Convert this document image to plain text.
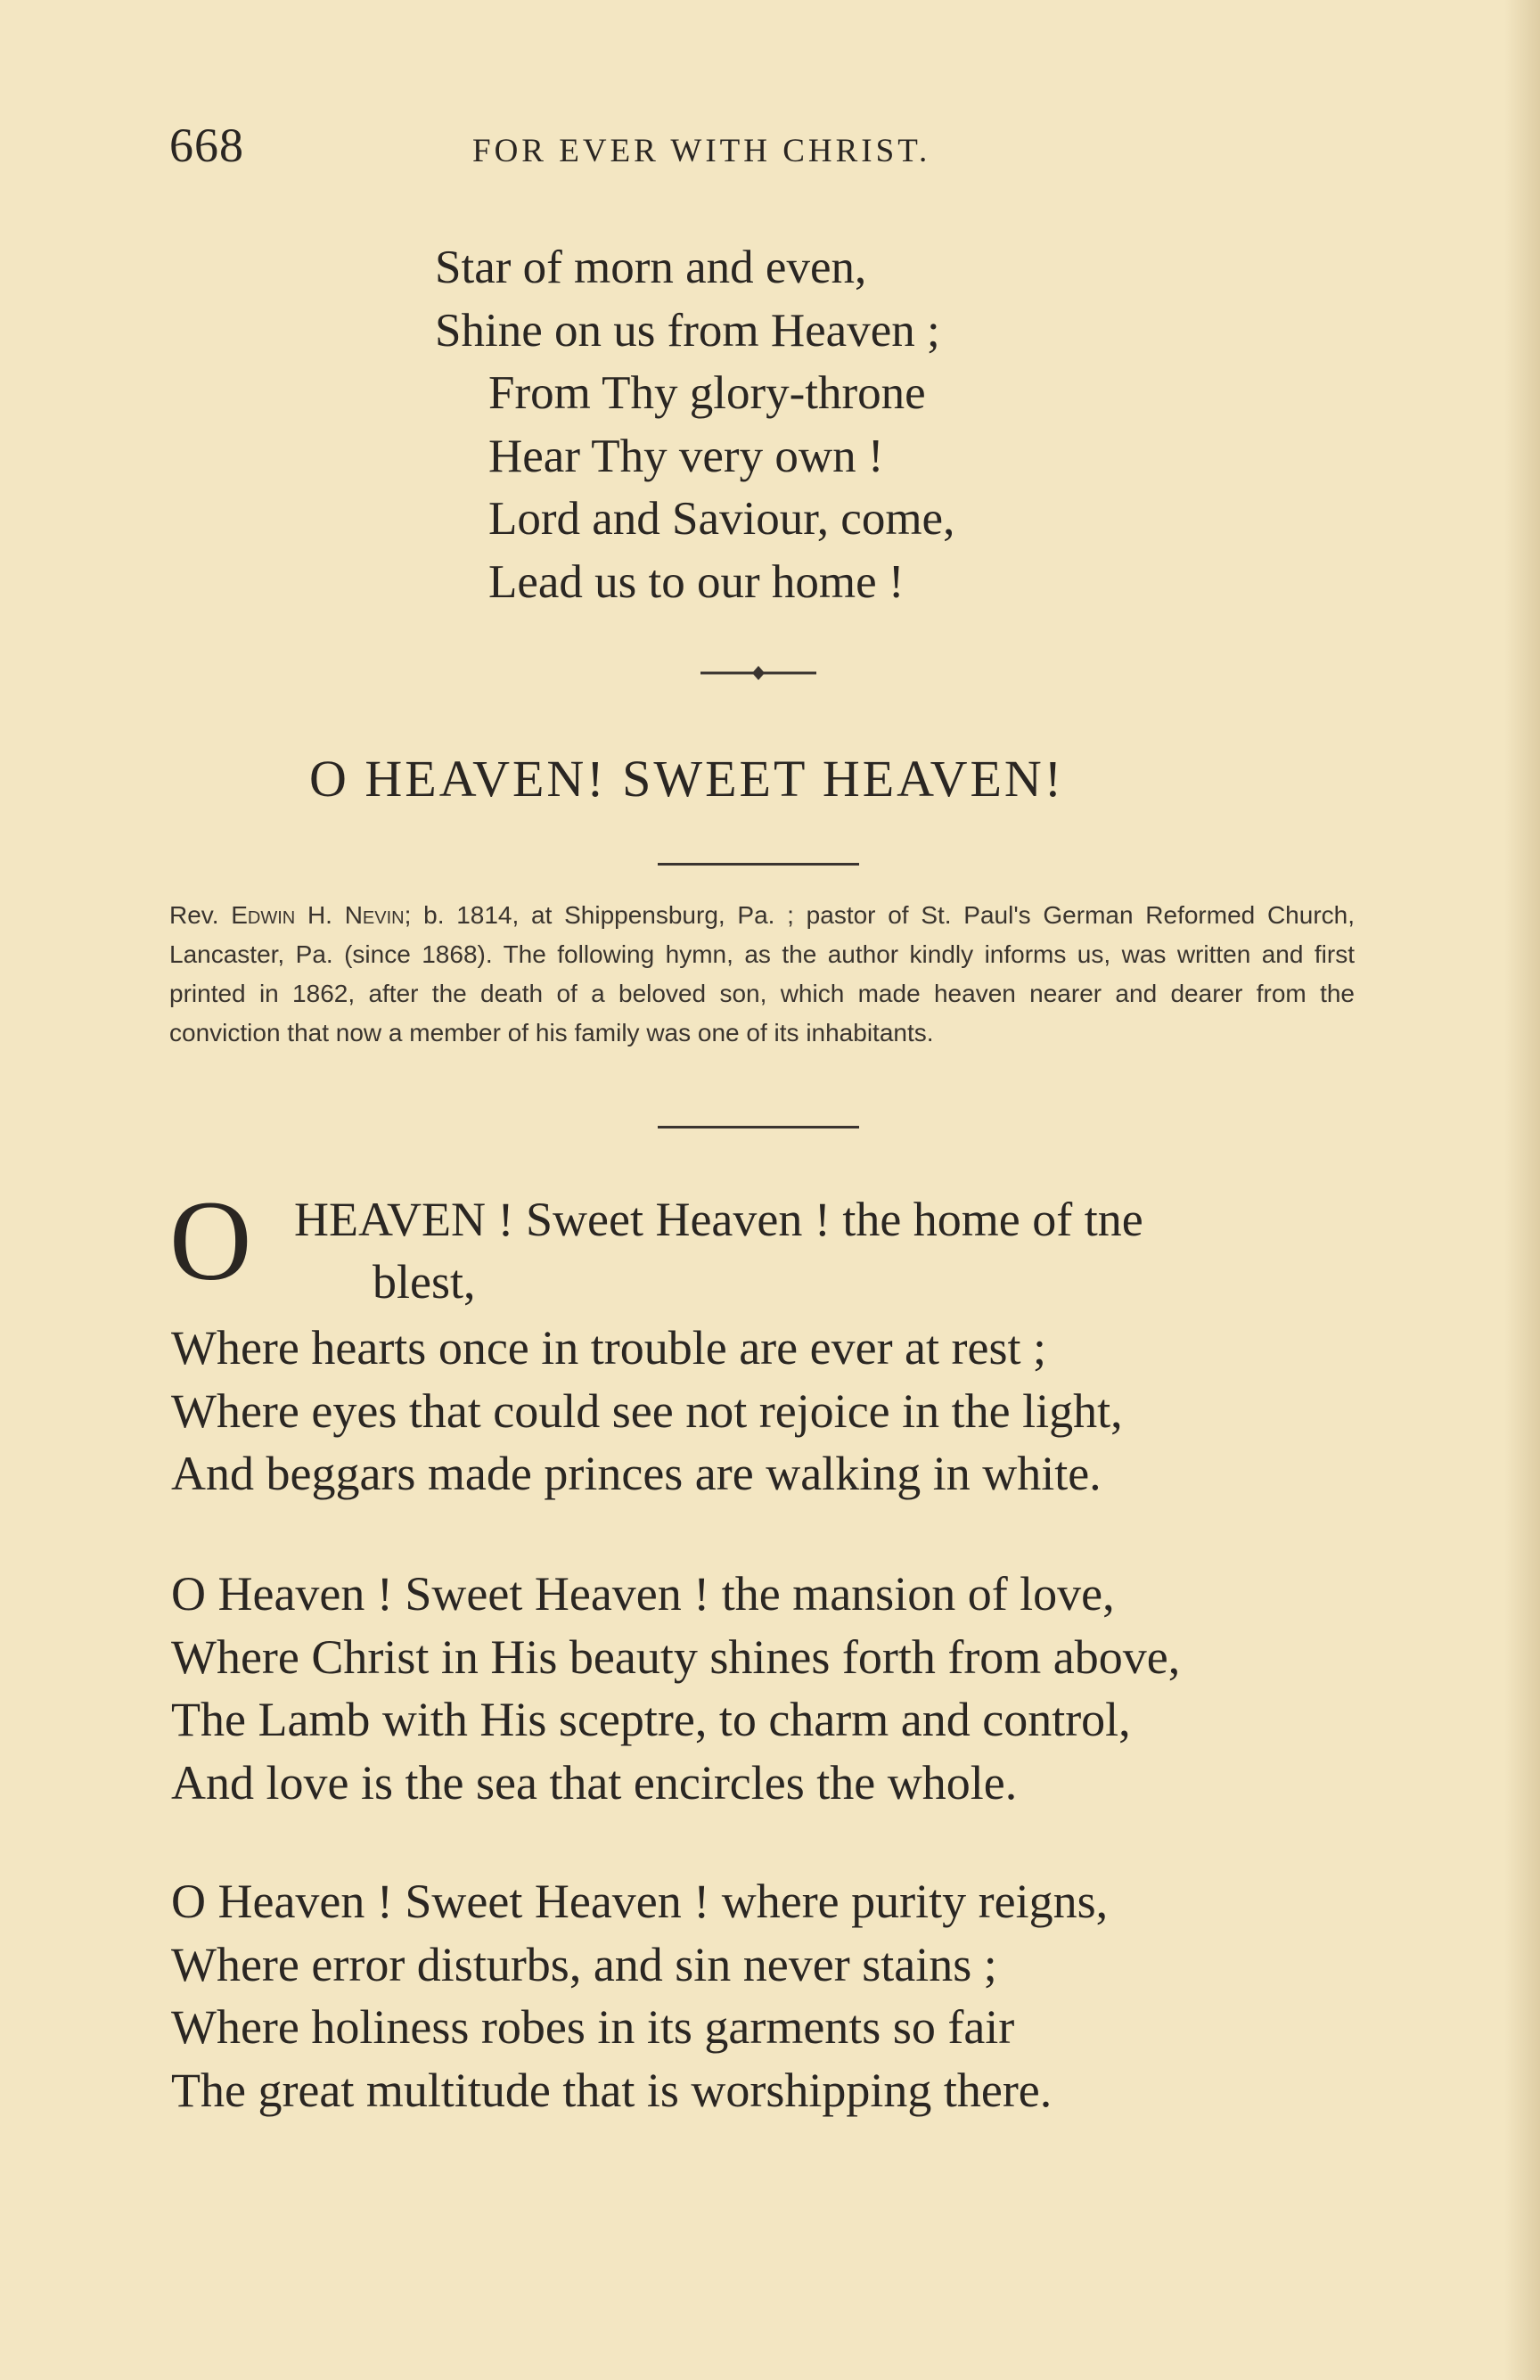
668	FOR EVER WITH CHRIST.
Star of morn and even,
Shine on us from Heaven ;
From Thy glory-throne
Hear Thy very own !
Lord and Saviour, come,
Lead us to our home !
O HEAVEN! SWEET HEAVEN!
Rev. Edwin H. Nevin; b. 1814, at Shippensburg, Pa. ; pastor of St. Paul's German Reformed Church, Lancaster, Pa. (since 1868). The following hymn, as the author kindly informs us, was written and first printed in 1862, after the death of a beloved son, which made heaven nearer and dearer from the conviction that now a member of his family was one of its inhabitants.
O HEAVEN ! Sweet Heaven ! the home of tne
blest,
Where hearts once in trouble are ever at rest ;
Where eyes that could see not rejoice in the light,
And beggars made princes are walking in white.
O Heaven ! Sweet Heaven ! the mansion of love,
Where Christ in His beauty shines forth from above,
The Lamb with His sceptre, to charm and control,
And love is the sea that encircles the whole.
O Heaven ! Sweet Heaven ! where purity reigns,
Where error disturbs, and sin never stains ;
Where holiness robes in its garments so fair
The great multitude that is worshipping there.
